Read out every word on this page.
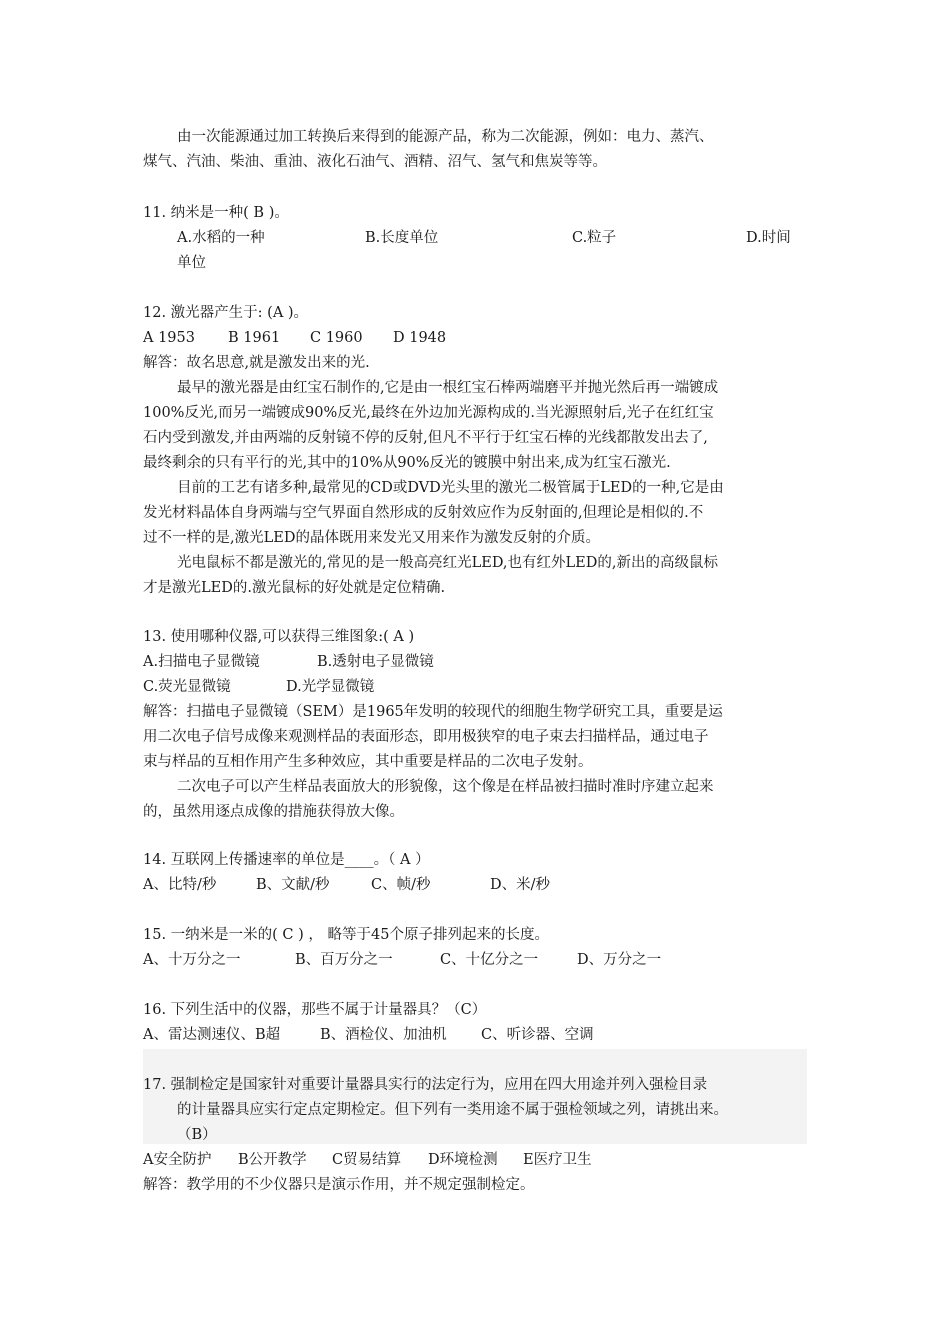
由一次能源通过加工转换后来得到的能源产品，称为二次能源，例如：电力、蒸汽、
煤气、汽油、柴油、重油、液化石油气、酒精、沼气、氢气和焦炭等等。
11. 纳米是一种( B )。
A.水稻的一种	B.长度单位	C.粒子	D.时间
单位
12. 激光器产生于: (A )。
A 1953 B 1961 C 1960 D 1948
解答：故名思意,就是激发出来的光.
最早的激光器是由红宝石制作的,它是由一根红宝石棒两端磨平并抛光然后再一端镀成
100%反光,而另一端镀成90%反光,最终在外边加光源构成的.当光源照射后,光子在红红宝
石内受到激发,并由两端的反射镜不停的反射,但凡不平行于红宝石棒的光线都散发出去了,
最终剩余的只有平行的光,其中的10%从90%反光的镀膜中射出来,成为红宝石激光.
目前的工艺有诸多种,最常见的CD或DVD光头里的激光二极管属于LED的一种,它是由
发光材料晶体自身两端与空气界面自然形成的反射效应作为反射面的,但理论是相似的.不
过不一样的是,激光LED的晶体既用来发光又用来作为激发反射的介质。
光电鼠标不都是激光的,常见的是一般高亮红光LED,也有红外LED的,新出的高级鼠标
才是激光LED的.激光鼠标的好处就是定位精确.
13. 使用哪种仪器,可以获得三维图象:( A )
A.扫描电子显微镜	B.透射电子显微镜
C.荧光显微镜	D.光学显微镜
解答：扫描电子显微镜（SEM）是1965年发明的较现代的细胞生物学研究工具，重要是运
用二次电子信号成像来观测样品的表面形态，即用极狭窄的电子束去扫描样品，通过电子
束与样品的互相作用产生多种效应，其中重要是样品的二次电子发射。
二次电子可以产生样品表面放大的形貌像，这个像是在样品被扫描时准时序建立起来
的，虽然用逐点成像的措施获得放大像。
14. 互联网上传播速率的单位是____。（ A ）
A、比特/秒	B、文献/秒	C、帧/秒	D、米/秒
15. 一纳米是一米的( C ) ， 略等于45个原子排列起来的长度。
A、十万分之一	B、百万分之一	C、十亿分之一	D、万分之一
16. 下列生活中的仪器，那些不属于计量器具？（C）
A、雷达测速仪、B超	B、酒检仪、加油机 C、听诊器、空调
17. 强制检定是国家针对重要计量器具实行的法定行为，应用在四大用途并列入强检目录
的计量器具应实行定点定期检定。但下列有一类用途不属于强检领域之列，请挑出来。
（B）
A安全防护 B公开教学 C贸易结算 D环境检测 E医疗卫生
解答：教学用的不少仪器只是演示作用，并不规定强制检定。
